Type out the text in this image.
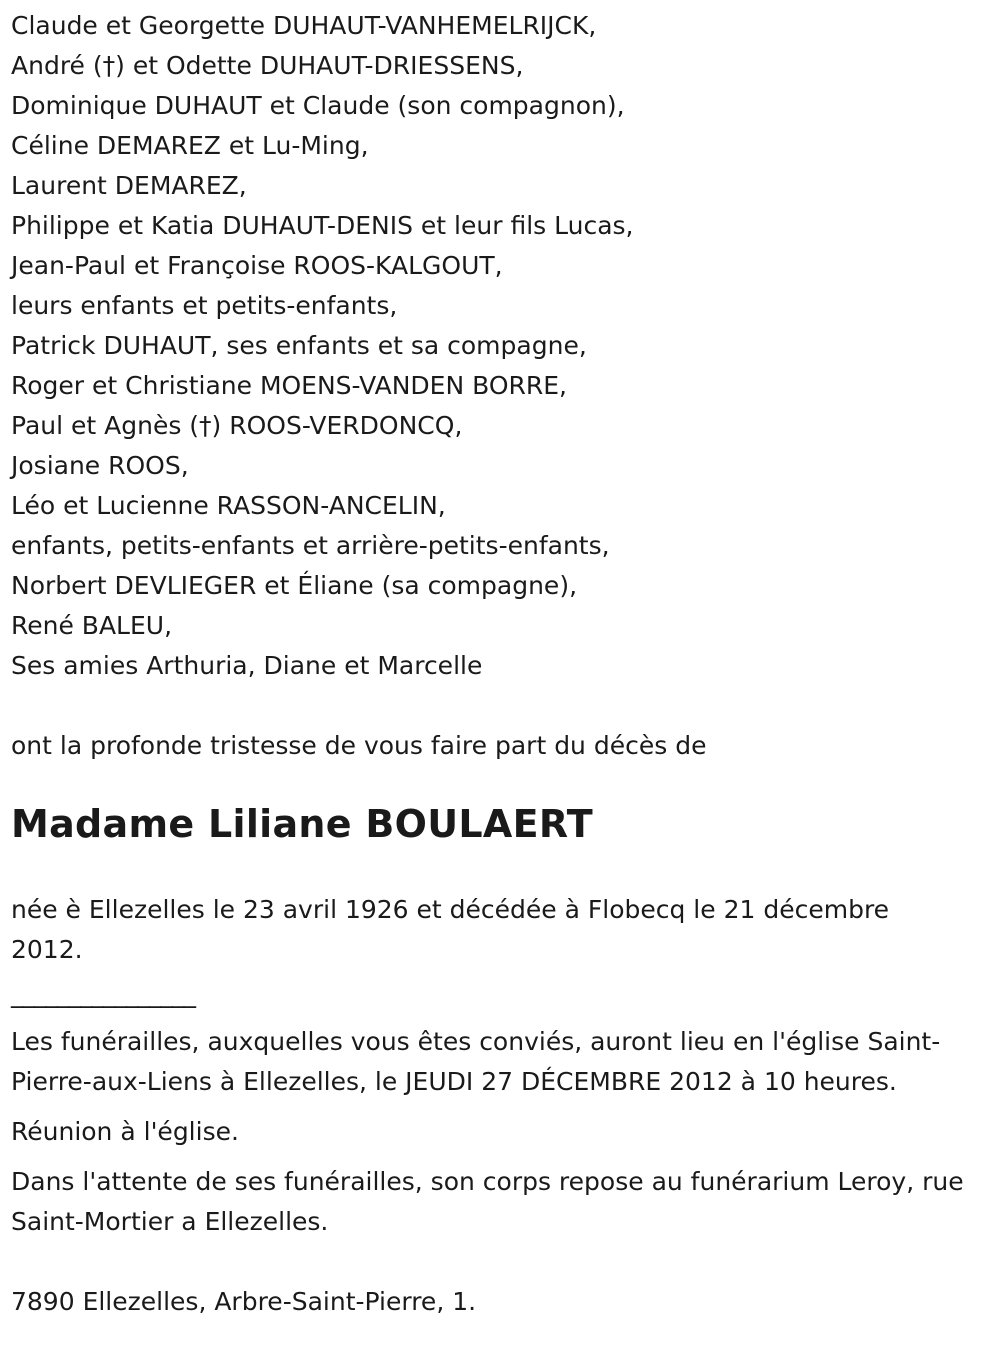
Claude et Georgette DUHAUT-VANHEMELRIJCK,
André (†) et Odette DUHAUT-DRIESSENS,
Dominique DUHAUT et Claude (son compagnon),
Céline DEMAREZ et Lu-Ming,
Laurent DEMAREZ,
Philippe et Katia DUHAUT-DENIS et leur fils Lucas,
Jean-Paul et Françoise ROOS-KALGOUT,
leurs enfants et petits-enfants,
Patrick DUHAUT, ses enfants et sa compagne,
Roger et Christiane MOENS-VANDEN BORRE,
Paul et Agnès (†) ROOS-VERDONCQ,
Josiane ROOS,
Léo et Lucienne RASSON-ANCELIN,
enfants, petits-enfants et arrière-petits-enfants,
Norbert DEVLIEGER et Éliane (sa compagne),
René BALEU,
Ses amies Arthuria, Diane et Marcelle
ont la profonde tristesse de vous faire part du décès de
Madame Liliane BOULAERT
née è Ellezelles le 23 avril 1926 et décédée à Flobecq le 21 décembre 2012.
________________
Les funérailles, auxquelles vous êtes conviés, auront lieu en l'église Saint-Pierre-aux-Liens à Ellezelles, le JEUDI 27 DÉCEMBRE 2012 à 10 heures.
Réunion à l'église.
Dans l'attente de ses funérailles, son corps repose au funérarium Leroy, rue Saint-Mortier a Ellezelles.
7890 Ellezelles, Arbre-Saint-Pierre, 1.
